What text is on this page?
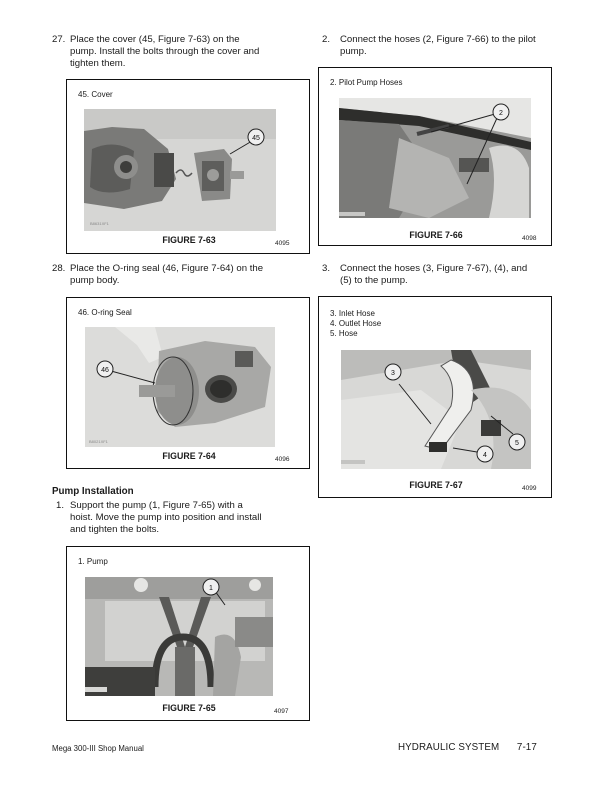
27. Place the cover (45, Figure 7-63) on the
pump. Install the bolts through the cover and
tighten them.
45. Cover
45
B8631XF1
FIGURE 7-63	4095
28. Place the O-ring seal (46, Figure 7-64) on the
pump body.
46. O-ring Seal
46
B8021XF1
FIGURE 7-64	4096
Pump Installation
1. Support the pump (1, Figure 7-65) with a
hoist. Move the pump into position and install
and tighten the bolts.
1. Pump
1
FIGURE 7-65	4097
2. Connect the hoses (2, Figure 7-66) to the pilot
pump.
2. Pilot Pump Hoses
2
FIGURE 7-66	4098
3. Connect the hoses (3, Figure 7-67), (4), and
(5) to the pump.
3. Inlet Hose
4. Outlet Hose
5. Hose
3
4
5
FIGURE 7-67	4099
Mega 300-III Shop Manual	HYDRAULIC SYSTEM 7-17
